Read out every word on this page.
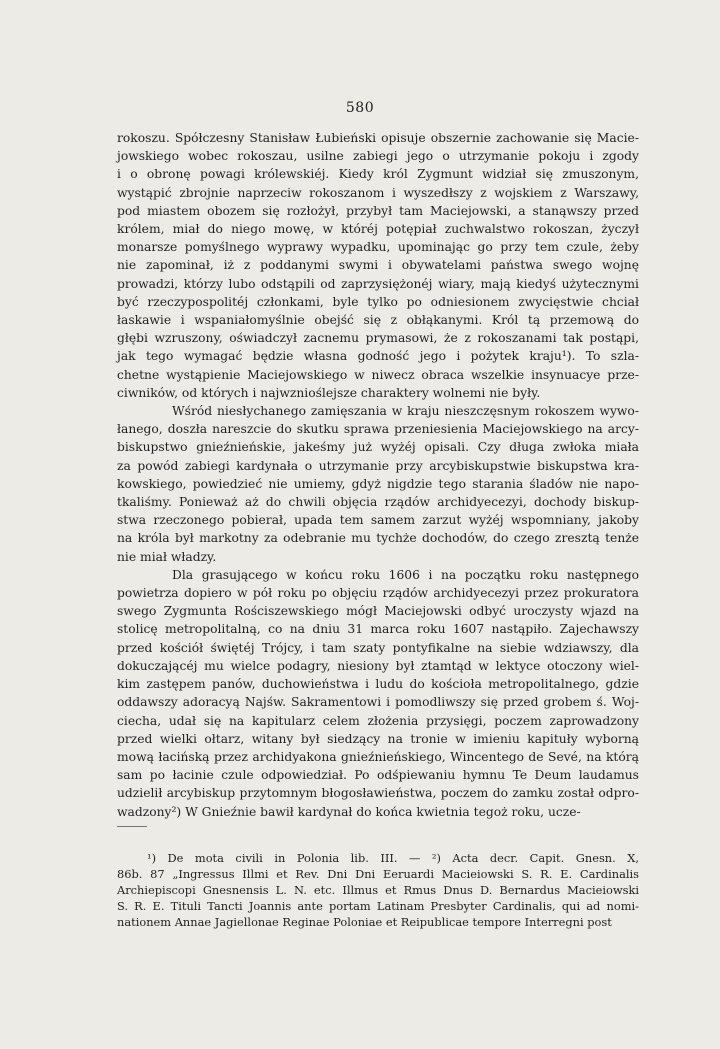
580

rokoszu. Spółczesny Stanisław Łubieński opisuje obszernie zachowanie się Macie-
jowskiego wobec rokoszau, usilne zabiegi jego o utrzymanie pokoju i zgody
i o obronę powagi królewskiéj. Kiedy król Zygmunt widział się zmuszonym,
wystąpić zbrojnie naprzeciw rokoszanom i wyszedłszy z wojskiem z Warszawy,
pod miastem obozem się rozłożył, przybył tam Maciejowski, a stanąwszy przed
królem, miał do niego mowę, w któréj potępiał zuchwalstwo rokoszan, życzył
monarsze pomyślnego wyprawy wypadku, upominając go przy tem czule, żeby
nie zapominał, iż z poddanymi swymi i obywatelami państwa swego wojnę
prowadzi, którzy lubo odstąpili od zaprzysiężonéj wiary, mają kiedyś użytecznymi
być rzeczypospolitéj członkami, byle tylko po odniesionem zwycięstwie chciał
łaskawie i wspaniałomyślnie obejść się z obłąkanymi. Król tą przemową do
głębi wzruszony, oświadczył zacnemu prymasowi, że z rokoszanami tak postąpi,
jak tego wymagać będzie własna godność jego i pożytek kraju¹). To szla-
chetne wystąpienie Maciejowskiego w niwecz obraca wszelkie insynuacye prze-
ciwników, od których i najwznioślejsze charaktery wolnemi nie były.

Wśród niesłychanego zamięszania w kraju nieszczęsnym rokoszem wywo-
łanego, doszła nareszcie do skutku sprawa przeniesienia Maciejowskiego na arcy-
biskupstwo gnieźnieńskie, jakeśmy już wyżéj opisali. Czy długa zwłoka miała
za powód zabiegi kardynała o utrzymanie przy arcybiskupstwie biskupstwa kra-
kowskiego, powiedzieć nie umiemy, gdyż nigdzie tego starania śladów nie napo-
tkaliśmy. Ponieważ aż do chwili objęcia rządów archidyecezyi, dochody biskup-
stwa rzeczonego pobierał, upada tem samem zarzut wyżéj wspomniany, jakoby
na króla był markotny za odebranie mu tychże dochodów, do czego zresztą tenże
nie miał władzy.

Dla grasującego w końcu roku 1606 i na początku roku następnego
powietrza dopiero w pół roku po objęciu rządów archidyecezyi przez prokuratora
swego Zygmunta Rościszewskiego mógł Maciejowski odbyć uroczysty wjazd na
stolicę metropolitalną, co na dniu 31 marca roku 1607 nastąpiło. Zajechawszy
przed kościół świętéj Trójcy, i tam szaty pontyfikalne na siebie wdziawszy, dla
dokuczającéj mu wielce podagry, niesiony był ztamtąd w lektyce otoczony wiel-
kim zastępem panów, duchowieństwa i ludu do kościoła metropolitalnego, gdzie
oddawszy adoracyą Najśw. Sakramentowi i pomodliwszy się przed grobem ś. Woj-
ciecha, udał się na kapitularz celem złożenia przysięgi, poczem zaprowadzony
przed wielki ołtarz, witany był siedzący na tronie w imieniu kapituły wyborną
mową łacińską przez archidyakona gnieźnieńskiego, Wincentego de Sevé, na którą
sam po łacinie czule odpowiedział. Po odśpiewaniu hymnu Te Deum laudamus
udzielił arcybiskup przytomnym błogosławieństwa, poczem do zamku został odpro-
wadzony²) W Gnieźnie bawił kardynał do końca kwietnia tegoż roku, ucze-

¹) De mota civili in Polonia lib. III. — ²) Acta decr. Capit. Gnesn. X,
86b. 87 „Ingressus Illmi et Rev. Dni Dni Eeruardi Macieiowski S. R. E. Cardinalis
Archiepiscopi Gnesnensis L. N. etc. Illmus et Rmus Dnus D. Bernardus Macieiowski
S. R. E. Tituli Tancti Joannis ante portam Latinam Presbyter Cardinalis, qui ad nomi-
nationem Annae Jagiellonae Reginae Poloniae et Reipublicae tempore Interregni post
